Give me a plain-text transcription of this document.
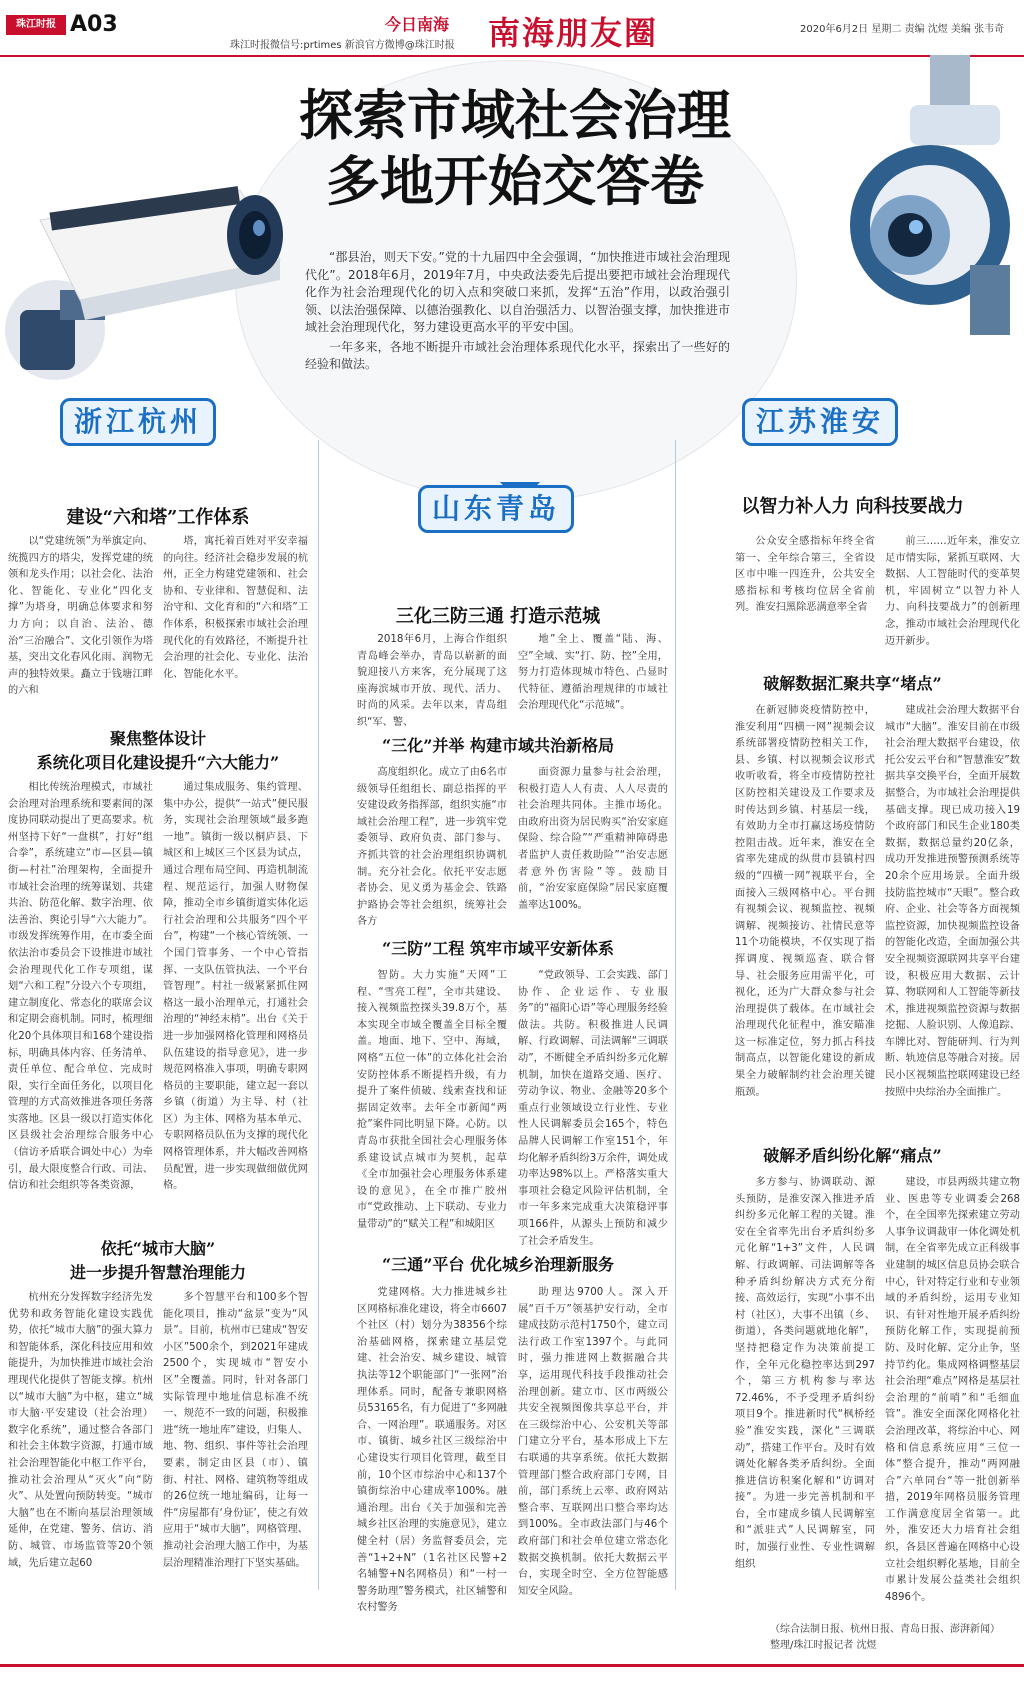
珠江时报 A03
珠江时报微信号:prtimes 新浪官方微博@珠江时报
今日南海 南海朋友圈	2020年6月2日 星期二 责编 沈煜 美编 张韦奇
探索市域社会治理
多地开始交答卷

“郡县治，则天下安。”党的十九届四中全会强调，“加快推进市域社会治理现代化”。2018年6月，2019年7月，中央政法委先后提出要把市域社会治理现代化作为社会治理现代化的切入点和突破口来抓，发挥“五治”作用，以政治强引领、以法治强保障、以德治强教化、以自治强活力、以智治强支撑，加快推进市域社会治理现代化，努力建设更高水平的平安中国。

一年多来，各地不断提升市域社会治理体系现代化水平，探索出了一些好的经验和做法。

浙江杭州
山东青岛
江苏淮安
建设“六和塔”工作体系

以“党建统领”为举旗定向、统揽四方的塔尖，发挥党建的统领和龙头作用；以社会化、法治化、智能化、专业化“四化支撑”为塔身，明确总体要求和努力方向；以自治、法治、德治“三治融合”、文化引领作为塔基，突出文化春风化雨、润物无声的独特效果。矗立于钱塘江畔的六和

塔，寓托着百姓对平安幸福的向往。经济社会稳步发展的杭州，正全力构建党建领和、社会协和、专业律和、智慧促和、法治守和、文化育和的“六和塔”工作体系，积极探索市域社会治理现代化的有效路径，不断提升社会治理的社会化、专业化、法治化、智能化水平。

聚焦整体设计
系统化项目化建设提升“六大能力”

相比传统治理模式，市域社会治理对治理系统和要素间的深度协同联动提出了更高要求。杭州坚持下好“一盘棋”，打好“组合拳”，系统建立“市—区县—镇街—村社”治理架构，全面提升市域社会治理的统筹谋划、共建共治、防范化解、数字治理、依法善治、舆论引导“六大能力”。市级发挥统筹作用，在市委全面依法治市委员会下设推进市域社会治理现代化工作专项组，谋划“六和工程”分设六个专项组，建立制度化、常态化的联席会议和定期会商机制。同时，梳理细化20个具体项目和168个建设指标，明确具体内容、任务清单、责任单位、配合单位、完成时限，实行全面任务化，以项目化管理的方式高效推进各项任务落实落地。区县一级以打造实体化区县级社会治理综合服务中心（信访矛盾联合调处中心）为牵引，最大限度整合行政、司法、信访和社会组织等各类资源，

通过集成服务、集约管理、集中办公，提供“一站式”便民服务，实现社会治理领域“最多跑一地”。镇街一级以桐庐县、下城区和上城区三个区县为试点，通过合理布局空间、再造机制流程、规范运行，加强人财物保障，推动全市乡镇街道实体化运行社会治理和公共服务“四个平台”，构建“一个核心管统领、一个国门管事务、一个中心管指挥、一支队伍管执法、一个平台管智理”。村社一级紧紧抓住网格这一最小治理单元，打通社会治理的“神经末梢”。出台《关于进一步加强网格化管理和网格员队伍建设的指导意见》，进一步规范网格准入事项，明确专职网格员的主要职能，建立起一套以乡镇（街道）为主导、村（社区）为主体、网格为基本单元、专职网格员队伍为支撑的现代化网格管理体系，并大幅改善网格员配置，进一步实现做细做优网格。

依托“城市大脑”
进一步提升智慧治理能力

杭州充分发挥数字经济先发优势和政务智能化建设实践优势，依托“城市大脑”的强大算力和智能体系，深化科技应用和效能提升，为加快推进市域社会治理现代化提供了智能支撑。杭州以“城市大脑”为中枢，建立“城市大脑·平安建设（社会治理）数字化系统”，通过整合各部门和社会主体数字资源，打通市域社会治理智能化中枢工作平台，推动社会治理从“灭火”向“防火”、从处置向预防转变。“城市大脑”也在不断向基层治理领域延伸，在党建、警务、信访、消防、城管、市场监管等20个领域，先后建立起60

多个智慧平台和100多个智能化项目，推动“盆景”变为“风景”。目前，杭州市已建成“智安小区”500余个，到2021年建成2500个，实现城市“智安小区”全覆盖。同时，针对各部门实际管理中地址信息标准不统一、规范不一致的问题，积极推进“统一地址库”建设，归集人、地、物、组织、事件等社会治理要素，制定由区县（市）、镇街、村社、网格、建筑物等组成的26位统一地址编码，让每一件“房屋都有‘身份证’，使之有效应用于“城市大脑”，网格管理、推动社会治理大脑工作中，为基层治理精准治理打下坚实基础。

三化三防三通 打造示范城

2018年6月，上海合作组织青岛峰会举办，青岛以崭新的面貌迎接八方来客，充分展现了这座海滨城市开放、现代、活力、时尚的风采。去年以来，青岛组织“军、警、

地”全上、覆盖“陆、海、空”全域、实“打、防、控”全用，努力打造体现城市特色、凸显时代特征、遵循治理规律的市域社会治理现代化“示范城”。

“三化”并举 构建市域共治新格局

高度组织化。成立了由6名市级领导任组组长、副总指挥的平安建设政务指挥部，组织实施“市域社会治理工程”，进一步筑牢党委领导、政府负责、部门参与、齐抓共管的社会治理组织协调机制。充分社会化。依托平安志愿者协会、见义勇为基金会、铁路护路协会等社会组织，统筹社会各方

面资源力量参与社会治理，积极打造人人有责、人人尽责的社会治理共同体。主推市场化。由政府出资为居民购买“治安家庭保险、综合险”“严重精神障碍患者监护人责任救助险”“治安志愿者意外伤害险”等。鼓励目前，“治安家庭保险”居民家庭覆盖率达100%。

“三防”工程 筑牢市域平安新体系

智防。大力实施“天网”工程、“雪亮工程”，全市共建设、接入视频监控探头39.8万个，基本实现全市域全覆盖全目标全覆盖。地面、地下、空中、海域，网格“五位一体”的立体化社会治安防控体系不断提档升级，有力提升了案件侦破、线索查找和证据固定效率。去年全市新闻“两抢”案件同比明显下降。心防。以青岛市获批全国社会心理服务体系建设试点城市为契机，起草《全市加强社会心理服务体系建设的意见》，在全市推广胶州市“党政推动、上下联动、专业力量带动”的“赋关工程”和城阳区

“党政领导、工会实践、部门协作、企业运作、专业服务”的“福阳心语”等心理服务经验做法。共防。积极推进人民调解、行政调解、司法调解“三调联动”，不断健全矛盾纠纷多元化解机制，加快在道路交通、医疗、劳动争议、物业、金融等20多个重点行业领域设立行业性、专业性人民调解委员会165个，特色品牌人民调解工作室151个，年均化解矛盾纠纷3万余件，调处成功率达98%以上。严格落实重大事项社会稳定风险评估机制，全市一年多来完成重大决策稳评事项166件，从源头上预防和减少了社会矛盾发生。

“三通”平台 优化城乡治理新服务

党建网格。大力推进城乡社区网格标准化建设，将全市6607个社区（村）划分为38356个综治基础网格，探索建立基层党建、社会治安、城乡建设、城管执法等12个职能部门“一张网”治理体系。同时，配备专兼职网格员53165名，有力促进了“多网融合、一网治理”。联通服务。对区市、镇街、城乡社区三级综治中心建设实行项目化管理，截至目前，10个区市综治中心和137个镇街综治中心建成率100%。融通治理。出台《关于加强和完善城乡社区治理的实施意见》，建立健全村（居）务监督委员会，完善“1+2+N”（1名社区民警+2名辅警+N名网格员）和“一村一警务助理”警务模式，社区辅警和农村警务

助理达9700人。深入开展“百千万”领基护安行动，全市建成技防示范村1750个，建立司法行政工作室1397个。与此同时，强力推进网上数据融合共享，运用现代科技手段推动社会治理创新。建立市、区市两级公共安全视频图像共享总平台，并在三级综治中心、公安机关等部门建立分平台，基本形成上下左右联通的共享系统。依托大数据管理部门整合政府部门专网，目前，部门系统上云率、政府网站整合率、互联网出口整合率均达到100%。全市政法部门与46个政府部门和社会单位建立常态化数据交换机制。依托大数据云平台，实现全时空、全方位智能感知安全风险。

以智力补人力 向科技要战力

公众安全感指标年终全省第一、全年综合第三，全省设区市中唯一四连升，公共安全感指标和考核均位居全省前列。淮安扫黑除恶满意率全省

前三……近年来，淮安立足市情实际，紧抓互联网、大数据、人工智能时代的变革契机，牢固树立“以智力补人力、向科技要战力”的创新理念，推动市域社会治理现代化迈开新步。

破解数据汇聚共享“堵点”

在新冠肺炎疫情防控中，淮安利用“四横一网”视频会议系统部署疫情防控相关工作，县、乡镇、村以视频会议形式收听收看，将全市疫情防控社区防控相关建设及工作要求及时传达到乡镇、村基层一线，有效助力全市打赢这场疫情防控阻击战。近年来，淮安在全省率先建成的纵贯市县镇村四级的“四横一网”视联平台，全面接入三级网格中心。平台拥有视频会议、视频监控、视频调解、视频接访、社情民意等11个功能模块，不仅实现了指挥调度、视频巡查、联合督导、社会服务应用需平化，可视化，还为广大群众参与社会治理提供了载体。在市域社会治理现代化征程中，淮安瞄准这一标准定位，努力抓占科技制高点，以智能化建设的新成果全力破解制约社会治理关键瓶颈。

建成社会治理大数据平台城市“大脑”。淮安目前在市级社会治理大数据平台建设，依托公安云平台和“智慧淮安”数据共享交换平台，全面开展数据整合，为市域社会治理提供基础支撑。现已成功接入19个政府部门和民生企业180类数据，数据总量约20亿条，成功开发推进预警预测系统等20余个应用场景。全面升级技防监控城市“天眼”。整合政府、企业、社会等各方面视频监控资源，加快视频监控设备的智能化改造，全面加强公共安全视频资源联网共享平台建设，积极应用大数据、云计算、物联网和人工智能等新技术，推进视频监控资源与数据挖掘、人脸识别、人像追踪、车牌比对、智能研判、行为判断、轨迹信息等融合对接。居民小区视频监控联网建设已经按照中央综治办全面推广。

破解矛盾纠纷化解“痛点”

多方参与、协调联动、源头预防，是淮安深入推进矛盾纠纷多元化解工程的关键。淮安在全省率先出台矛盾纠纷多元化解“1+3”文件，人民调解、行政调解、司法调解等各种矛盾纠纷解决方式充分衔接、高效运行，实现“小事不出村（社区），大事不出镇（乡、街道），各类问题就地化解”，坚持把稳定作为决策前提工作，全年元化稳控率达到297个，第三方机构参与率达72.46%，不予受理矛盾纠纷项目9个。推进新时代“枫桥经验”淮安实践，深化“三调联动”，搭建工作平台。及时有效调处化解各类矛盾纠纷。全面推进信访积案化解和“访调对接”。为进一步完善机制和平台，全市建成乡镇人民调解室和“派驻式”人民调解室，同时，加强行业性、专业性调解组织

建设，市县两级共建立物业、医患等专业调委会268个，在全国率先探索建立劳动人事争议调裁审一体化调处机制，在全省率先成立正科级事业建制的城区信息员协会联合中心，针对特定行业和专业领域的矛盾纠纷，运用专业知识、有针对性地开展矛盾纠纷预防化解工作，实现提前预防、及时化解、定分止争，坚持节约化。集成网格调整基层社会治理“难点”网格是基层社会治理的“前哨”和“毛细血管”。淮安全面深化网格化社会治理改革，将综治中心、网格和信息系统应用“三位一体”整合提升，推动“两网融合”六单同台“等一批创新举措，2019年网格员服务管理工作满意度居全省第一。此外，淮安还大力培育社会组织，各县区普遍在网格中心设立社会组织孵化基地，目前全市累计发展公益类社会组织4896个。

（综合法制日报、杭州日报、青岛日报、澎湃新闻）
整理/珠江时报记者 沈煜
